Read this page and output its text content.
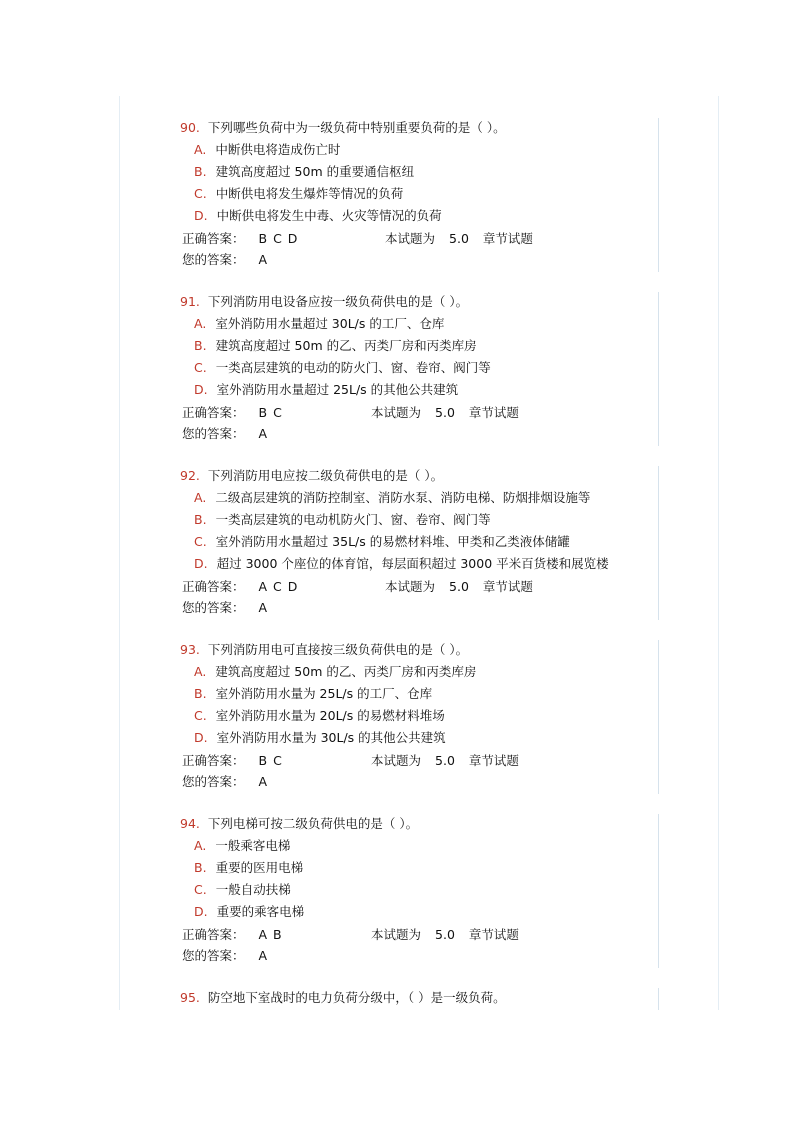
90. 下列哪些负荷中为一级负荷中特别重要负荷的是（ ）。
A. 中断供电将造成伤亡时
B. 建筑高度超过 50m 的重要通信枢纽
C. 中断供电将发生爆炸等情况的负荷
D. 中断供电将发生中毒、火灾等情况的负荷
正确答案： B C D	本试题为 5.0 章节试题
您的答案： A
91. 下列消防用电设备应按一级负荷供电的是（ ）。
A. 室外消防用水量超过 30L/s 的工厂、仓库
B. 建筑高度超过 50m 的乙、丙类厂房和丙类库房
C. 一类高层建筑的电动的防火门、窗、卷帘、阀门等
D. 室外消防用水量超过 25L/s 的其他公共建筑
正确答案： B C	本试题为 5.0 章节试题
您的答案： A
92. 下列消防用电应按二级负荷供电的是（ ）。
A. 二级高层建筑的消防控制室、消防水泵、消防电梯、防烟排烟设施等
B. 一类高层建筑的电动机防火门、窗、卷帘、阀门等
C. 室外消防用水量超过 35L/s 的易燃材料堆、甲类和乙类液体储罐
D. 超过 3000 个座位的体育馆，每层面积超过 3000 平米百货楼和展览楼
正确答案： A C D	本试题为 5.0 章节试题
您的答案： A
93. 下列消防用电可直接按三级负荷供电的是（ ）。
A. 建筑高度超过 50m 的乙、丙类厂房和丙类库房
B. 室外消防用水量为 25L/s 的工厂、仓库
C. 室外消防用水量为 20L/s 的易燃材料堆场
D. 室外消防用水量为 30L/s 的其他公共建筑
正确答案： B C	本试题为 5.0 章节试题
您的答案： A
94. 下列电梯可按二级负荷供电的是（ ）。
A. 一般乘客电梯
B. 重要的医用电梯
C. 一般自动扶梯
D. 重要的乘客电梯
正确答案： A B	本试题为 5.0 章节试题
您的答案： A
95. 防空地下室战时的电力负荷分级中，（ ）是一级负荷。
